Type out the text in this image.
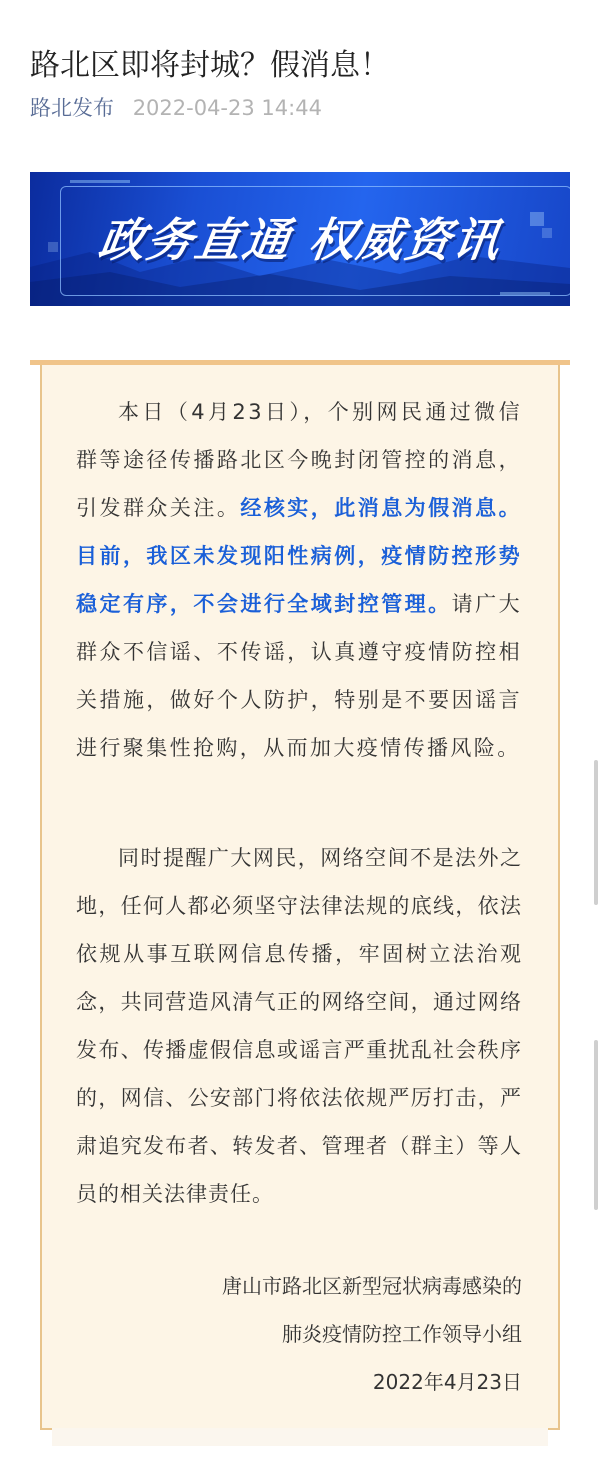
路北区即将封城？假消息！
路北发布 2022-04-23 14:44
政务直通 权威资讯

本日（4月23日），个别网民通过微信群等途径传播路北区今晚封闭管控的消息，引发群众关注。经核实，此消息为假消息。目前，我区未发现阳性病例，疫情防控形势稳定有序，不会进行全域封控管理。请广大群众不信谣、不传谣，认真遵守疫情防控相关措施，做好个人防护，特别是不要因谣言进行聚集性抢购，从而加大疫情传播风险。

同时提醒广大网民，网络空间不是法外之地，任何人都必须坚守法律法规的底线，依法依规从事互联网信息传播，牢固树立法治观念，共同营造风清气正的网络空间，通过网络发布、传播虚假信息或谣言严重扰乱社会秩序的，网信、公安部门将依法依规严厉打击，严肃追究发布者、转发者、管理者（群主）等人员的相关法律责任。

唐山市路北区新型冠状病毒感染的
肺炎疫情防控工作领导小组
2022年4月23日
